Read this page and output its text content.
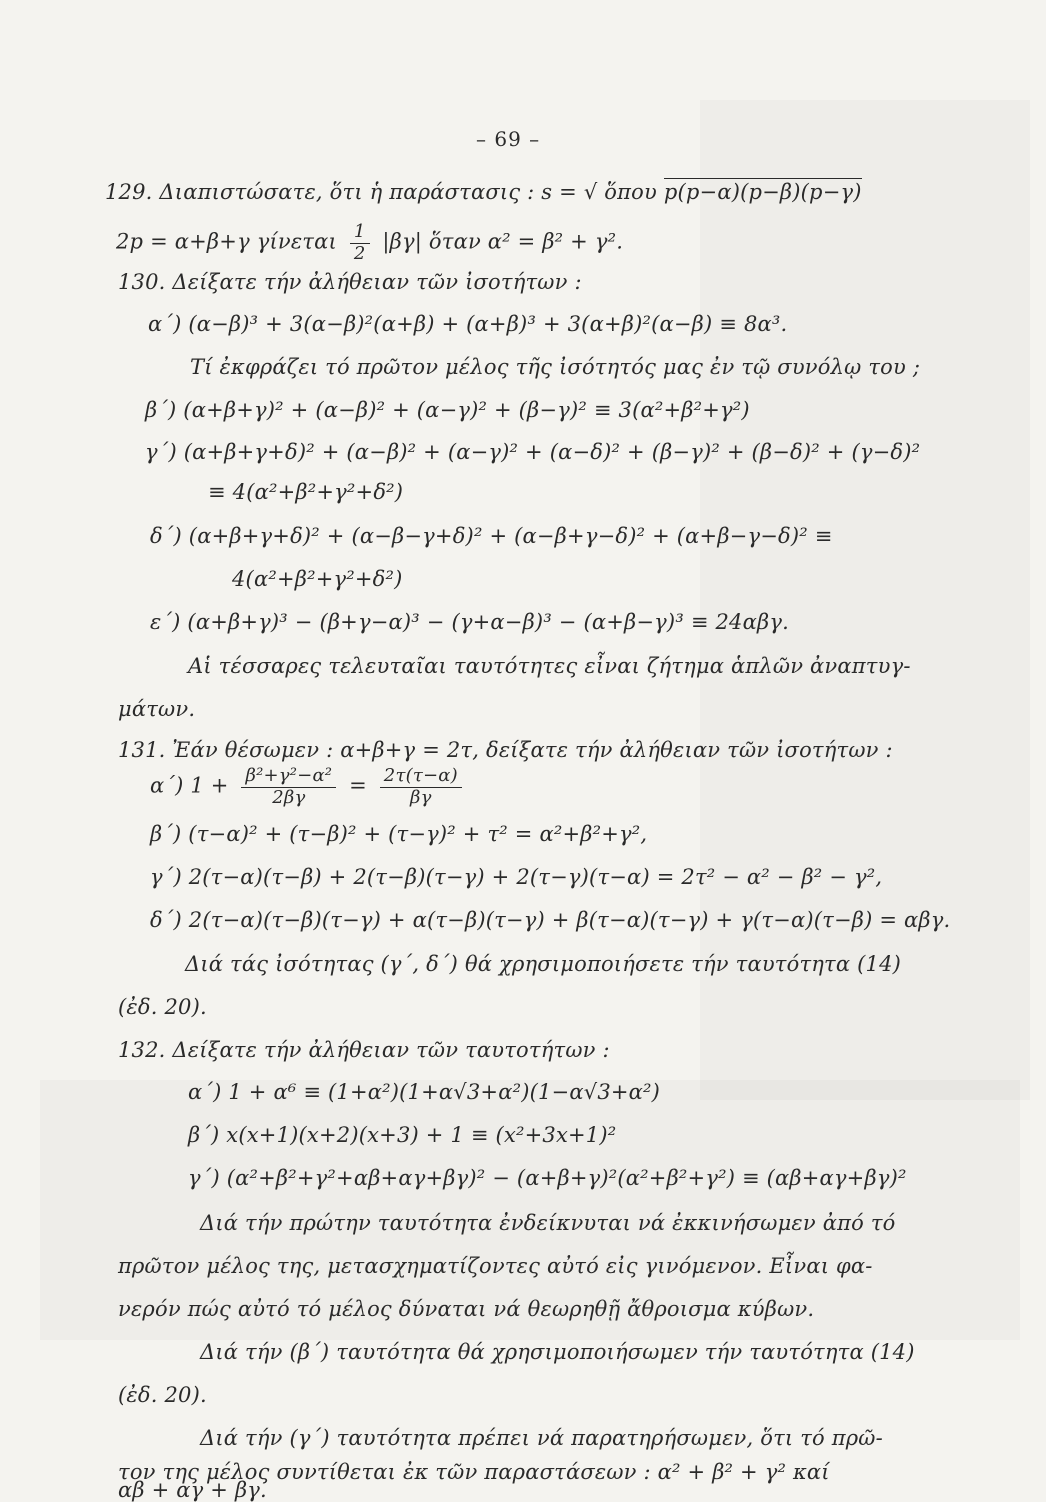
– 69 –
129. Διαπιστώσατε, ὅτι ἡ παράστασις : s = √ ὅπου p(p−α)(p−β)(p−γ)
2p = α+β+γ γίνεται $\frac{1}{2} |\beta\gamma|$ ὅταν α² = β² + γ².
130. Δείξατε τήν ἀλήθειαν τῶν ἰσοτήτων :
α΄) (α−β)³ + 3(α−β)²(α+β) + (α+β)³ + 3(α+β)²(α−β) ≡ 8α³.
Τί ἐκφράζει τό πρῶτον μέλος τῆς ἰσότητός μας ἐν τῷ συνόλῳ του ;
β΄) (α+β+γ)² + (α−β)² + (α−γ)² + (β−γ)² ≡ 3(α²+β²+γ²)
γ΄) (α+β+γ+δ)² + (α−β)² + (α−γ)² + (α−δ)² + (β−γ)² + (β−δ)² + (γ−δ)²
≡ 4(α²+β²+γ²+δ²)
δ΄) (α+β+γ+δ)² + (α−β−γ+δ)² + (α−β+γ−δ)² + (α+β−γ−δ)² ≡
4(α²+β²+γ²+δ²)
ε΄) (α+β+γ)³ − (β+γ−α)³ − (γ+α−β)³ − (α+β−γ)³ ≡ 24αβγ.
Αἱ τέσσαρες τελευταῖαι ταυτότητες εἶναι ζήτημα ἁπλῶν ἀναπτυγ-
μάτων.
131. Ἐάν θέσωμεν : α+β+γ = 2τ, δείξατε τήν ἀλήθειαν τῶν ἰσοτήτων :
α΄) $1 + \frac{\text{β²+γ²−α²}}{2\beta\gamma} = \frac{2\tau(\tau-\alpha)}{\beta\gamma}$
β΄) (τ−α)² + (τ−β)² + (τ−γ)² + τ² = α²+β²+γ²,
γ΄) 2(τ−α)(τ−β) + 2(τ−β)(τ−γ) + 2(τ−γ)(τ−α) = 2τ² − α² − β² − γ²,
δ΄) 2(τ−α)(τ−β)(τ−γ) + α(τ−β)(τ−γ) + β(τ−α)(τ−γ) + γ(τ−α)(τ−β) = αβγ.
Διά τάς ἰσότητας (γ΄, δ΄) θά χρησιμοποιήσετε τήν ταυτότητα (14)
(ἐδ. 20).
132. Δείξατε τήν ἀλήθειαν τῶν ταυτοτήτων :
α΄) 1 + α⁶ ≡ (1+α²)(1+α√3+α²)(1−α√3+α²)
β΄) x(x+1)(x+2)(x+3) + 1 ≡ (x²+3x+1)²
γ΄) (α²+β²+γ²+αβ+αγ+βγ)² − (α+β+γ)²(α²+β²+γ²) ≡ (αβ+αγ+βγ)²
Διά τήν πρώτην ταυτότητα ἐνδείκνυται νά ἐκκινήσωμεν ἀπό τό
πρῶτον μέλος της, μετασχηματίζοντες αὐτό εἰς γινόμενον. Εἶναι φα-
νερόν πώς αὐτό τό μέλος δύναται νά θεωρηθῇ ἄθροισμα κύβων.
Διά τήν (β΄) ταυτότητα θά χρησιμοποιήσωμεν τήν ταυτότητα (14)
(ἐδ. 20).
Διά τήν (γ΄) ταυτότητα πρέπει νά παρατηρήσωμεν, ὅτι τό πρῶ-
τον της μέλος συντίθεται ἐκ τῶν παραστάσεων : α² + β² + γ² καί
αβ + αγ + βγ.
